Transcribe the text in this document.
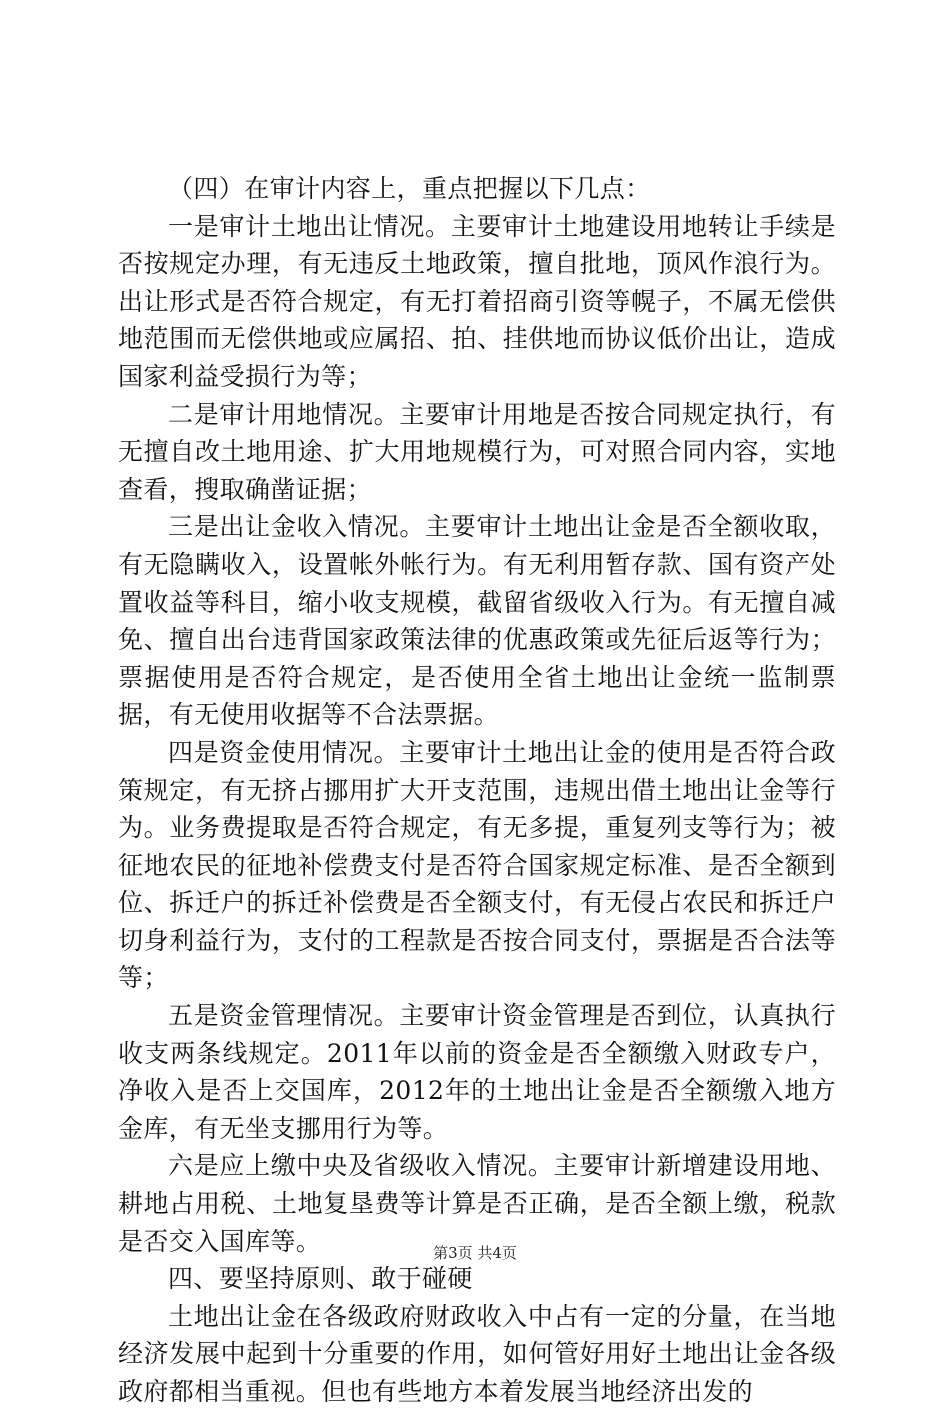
（四）在审计内容上，重点把握以下几点：

一是审计土地出让情况。主要审计土地建设用地转让手续是否按规定办理，有无违反土地政策，擅自批地，顶风作浪行为。出让形式是否符合规定，有无打着招商引资等幌子，不属无偿供地范围而无偿供地或应属招、拍、挂供地而协议低价出让，造成国家利益受损行为等；

二是审计用地情况。主要审计用地是否按合同规定执行，有无擅自改土地用途、扩大用地规模行为，可对照合同内容，实地查看，搜取确凿证据；

三是出让金收入情况。主要审计土地出让金是否全额收取，有无隐瞒收入，设置帐外帐行为。有无利用暂存款、国有资产处置收益等科目，缩小收支规模，截留省级收入行为。有无擅自减免、擅自出台违背国家政策法律的优惠政策或先征后返等行为；票据使用是否符合规定，是否使用全省土地出让金统一监制票据，有无使用收据等不合法票据。

四是资金使用情况。主要审计土地出让金的使用是否符合政策规定，有无挤占挪用扩大开支范围，违规出借土地出让金等行为。业务费提取是否符合规定，有无多提，重复列支等行为；被征地农民的征地补偿费支付是否符合国家规定标准、是否全额到位、拆迁户的拆迁补偿费是否全额支付，有无侵占农民和拆迁户切身利益行为，支付的工程款是否按合同支付，票据是否合法等等；

五是资金管理情况。主要审计资金管理是否到位，认真执行收支两条线规定。2011年以前的资金是否全额缴入财政专户，净收入是否上交国库，2012年的土地出让金是否全额缴入地方金库，有无坐支挪用行为等。

六是应上缴中央及省级收入情况。主要审计新增建设用地、耕地占用税、土地复垦费等计算是否正确，是否全额上缴，税款是否交入国库等。

四、要坚持原则、敢于碰硬

土地出让金在各级政府财政收入中占有一定的分量，在当地经济发展中起到十分重要的作用，如何管好用好土地出让金各级政府都相当重视。但也有些地方本着发展当地经济出发的

第3页 共4页
